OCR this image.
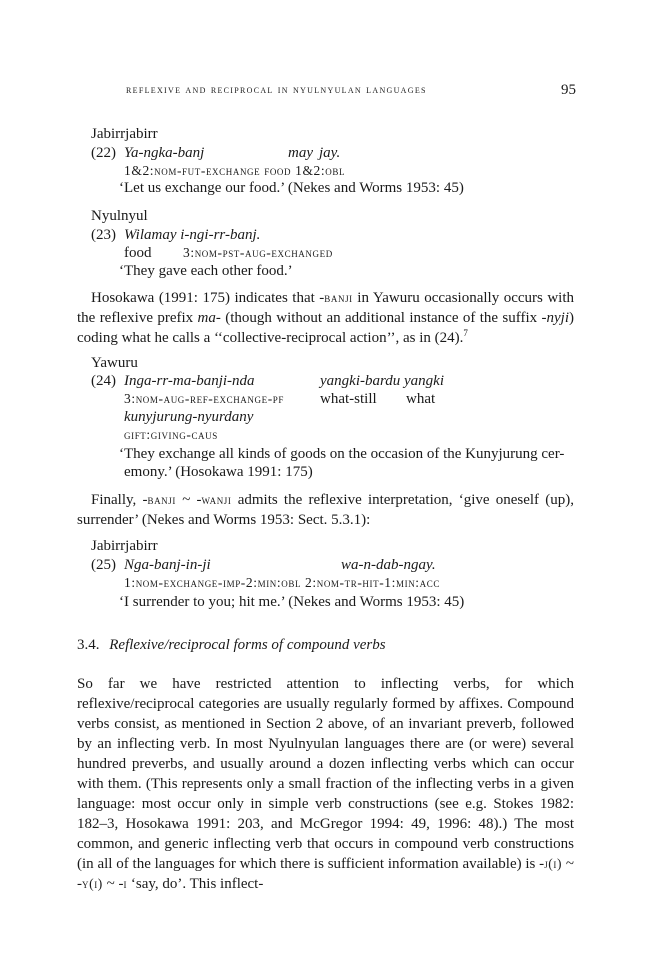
reflexive and reciprocal in nyulnyulan languages	95
Jabirrjabirr
(22) Ya-ngka-banj	may jay.
1&2:nom-fut-exchange food 1&2:obl
‘Let us exchange our food.’ (Nekes and Worms 1953: 45)
Nyulnyul
(23) Wilamay i-ngi-rr-banj.
food 3:nom-pst-aug-exchanged
‘They gave each other food.’
Hosokawa (1991: 175) indicates that -banji in Yawuru occasionally occurs with the reflexive prefix ma- (though without an additional instance of the suffix -nyji) coding what he calls a ‘‘collective-reciprocal action’’, as in (24).$^7$
Yawuru
(24) Inga-rr-ma-banji-nda	yangki-bardu yangki
3:nom-aug-ref-exchange-pf what-still what
kunyjurung-nyurdany
gift:giving-caus
‘They exchange all kinds of goods on the occasion of the Kunyjurung cer-
emony.’ (Hosokawa 1991: 175)
Finally, -banji ~ -wanji admits the reflexive interpretation, ‘give oneself (up), surrender’ (Nekes and Worms 1953: Sect. 5.3.1):
Jabirrjabirr
(25) Nga-banj-in-ji	wa-n-dab-ngay.
1:nom-exchange-imp-2:min:obl 2:nom-tr-hit-1:min:acc
‘I surrender to you; hit me.’ (Nekes and Worms 1953: 45)
3.4. Reflexive/reciprocal forms of compound verbs
So far we have restricted attention to inflecting verbs, for which reflexive/reciprocal categories are usually regularly formed by affixes. Compound verbs consist, as mentioned in Section 2 above, of an invariant preverb, followed by an inflecting verb. In most Nyulnyulan languages there are (or were) several hundred preverbs, and usually around a dozen inflecting verbs which can occur with them. (This represents only a small fraction of the inflecting verbs in a given language: most occur only in simple verb constructions (see e.g. Stokes 1982: 182–3, Hosokawa 1991: 203, and McGregor 1994: 49, 1996: 48).) The most common, and generic inflecting verb that occurs in compound verb constructions (in all of the languages for which there is sufficient information available) is -j(i) ~ -y(i) ~ -i ‘say, do’. This inflect-
